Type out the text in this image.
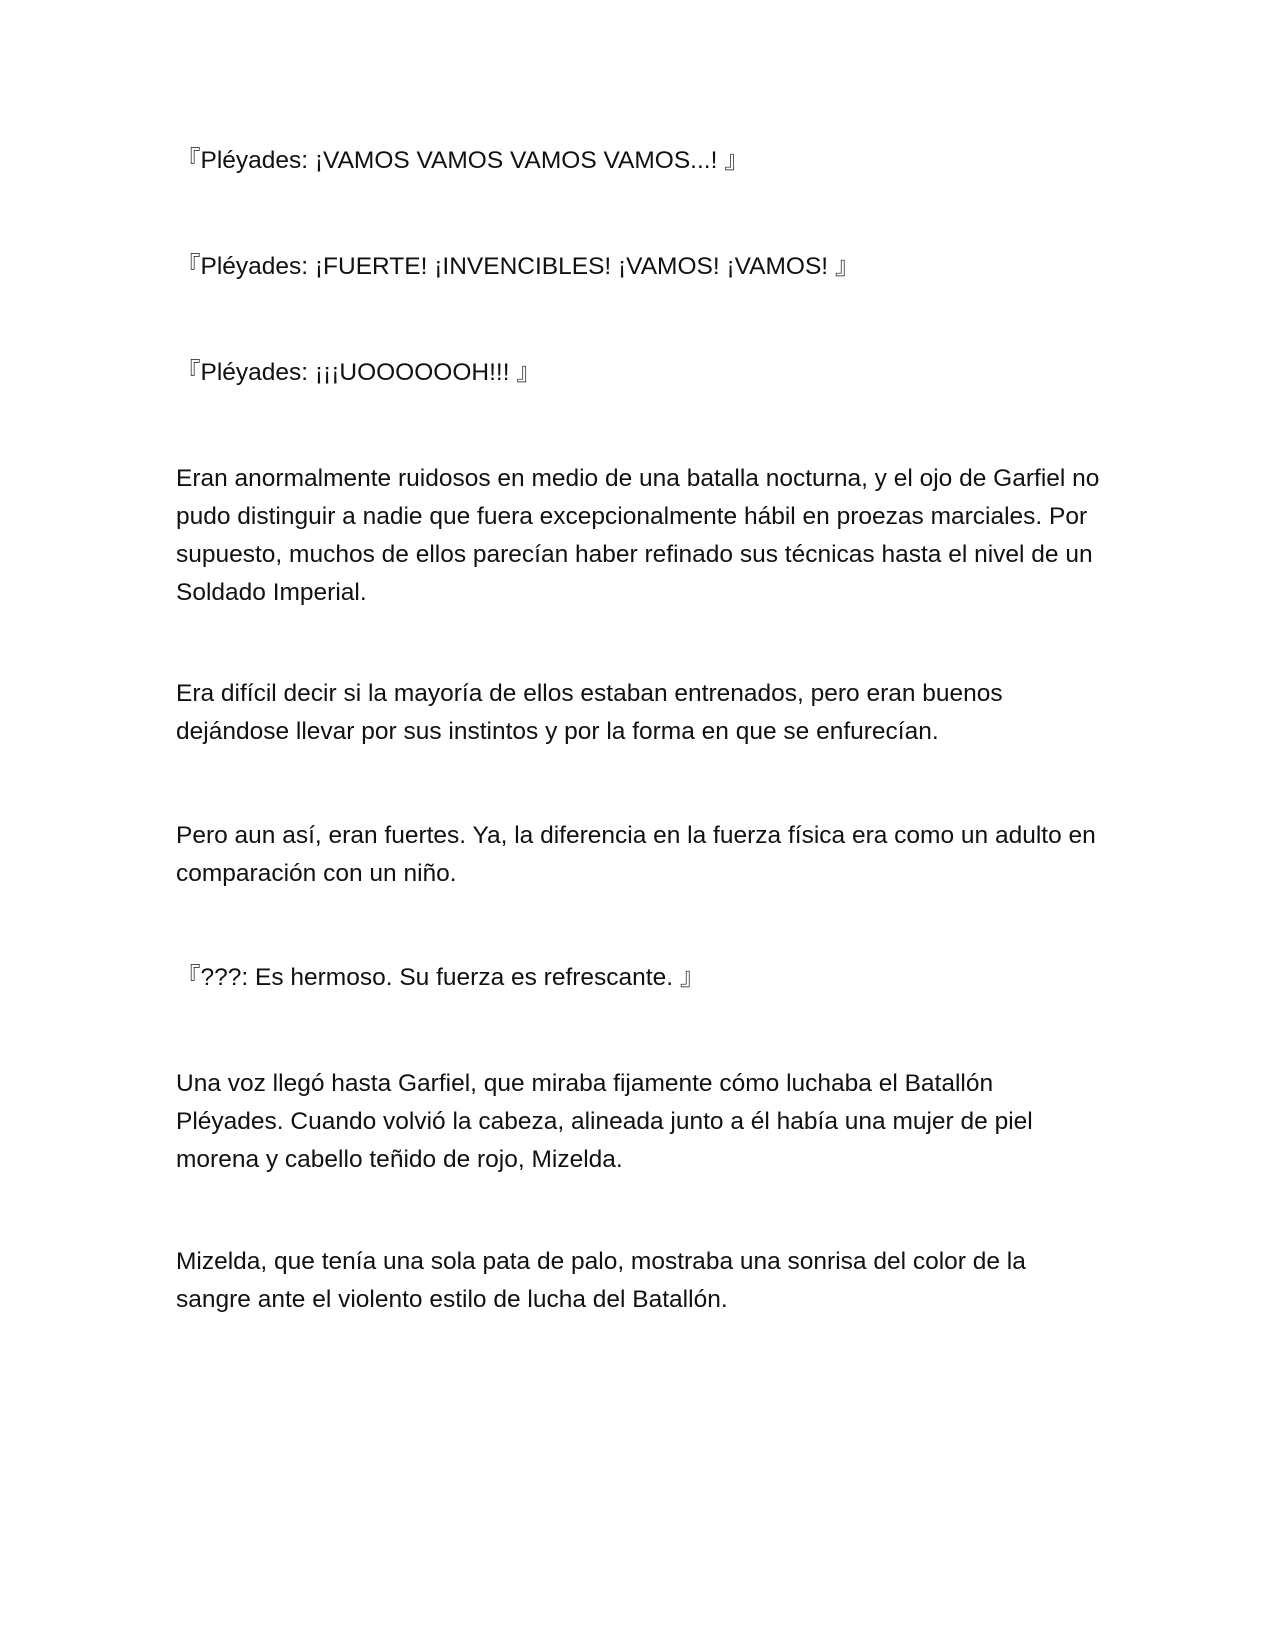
『Pléyades: ¡VAMOS VAMOS VAMOS VAMOS...! 』

『Pléyades: ¡FUERTE! ¡INVENCIBLES! ¡VAMOS! ¡VAMOS! 』

『Pléyades: ¡¡¡UOOOOOOH!!! 』

Eran anormalmente ruidosos en medio de una batalla nocturna, y el ojo de Garfiel no pudo distinguir a nadie que fuera excepcionalmente hábil en proezas marciales. Por supuesto, muchos de ellos parecían haber refinado sus técnicas hasta el nivel de un Soldado Imperial.

Era difícil decir si la mayoría de ellos estaban entrenados, pero eran buenos dejándose llevar por sus instintos y por la forma en que se enfurecían.

Pero aun así, eran fuertes. Ya, la diferencia en la fuerza física era como un adulto en comparación con un niño.

『???: Es hermoso. Su fuerza es refrescante. 』

Una voz llegó hasta Garfiel, que miraba fijamente cómo luchaba el Batallón Pléyades. Cuando volvió la cabeza, alineada junto a él había una mujer de piel morena y cabello teñido de rojo, Mizelda.

Mizelda, que tenía una sola pata de palo, mostraba una sonrisa del color de la sangre ante el violento estilo de lucha del Batallón.
